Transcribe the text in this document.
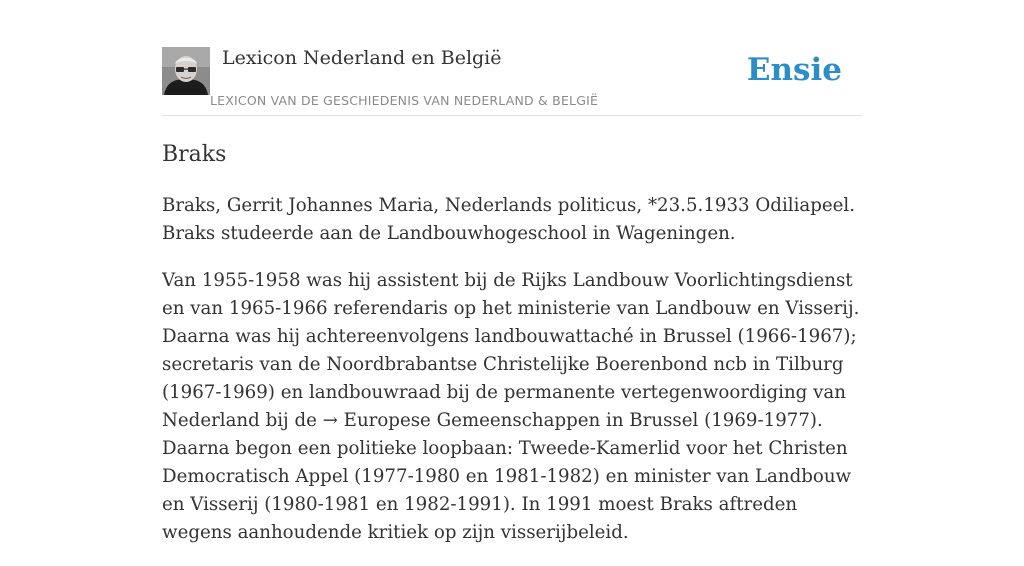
Lexicon Nederland en België
LEXICON VAN DE GESCHIEDENIS VAN NEDERLAND & BELGIË
Ensie
Braks

Braks, Gerrit Johannes Maria, Nederlands politicus, *23.5.1933 Odiliapeel. Braks studeerde aan de Landbouwhogeschool in Wageningen.

Van 1955-1958 was hij assistent bij de Rijks Landbouw Voorlichtingsdienst en van 1965-1966 referendaris op het ministerie van Landbouw en Visserij. Daarna was hij achtereenvolgens landbouwattaché in Brussel (1966-1967); secretaris van de Noordbrabantse Christelijke Boerenbond ncb in Tilburg (1967-1969) en landbouwraad bij de permanente vertegenwoordiging van Nederland bij de → Europese Gemeenschappen in Brussel (1969-1977). Daarna begon een politieke loopbaan: Tweede-Kamerlid voor het Christen Democratisch Appel (1977-1980 en 1981-1982) en minister van Landbouw en Visserij (1980-1981 en 1982-1991). In 1991 moest Braks aftreden wegens aanhoudende kritiek op zijn visserijbeleid.
